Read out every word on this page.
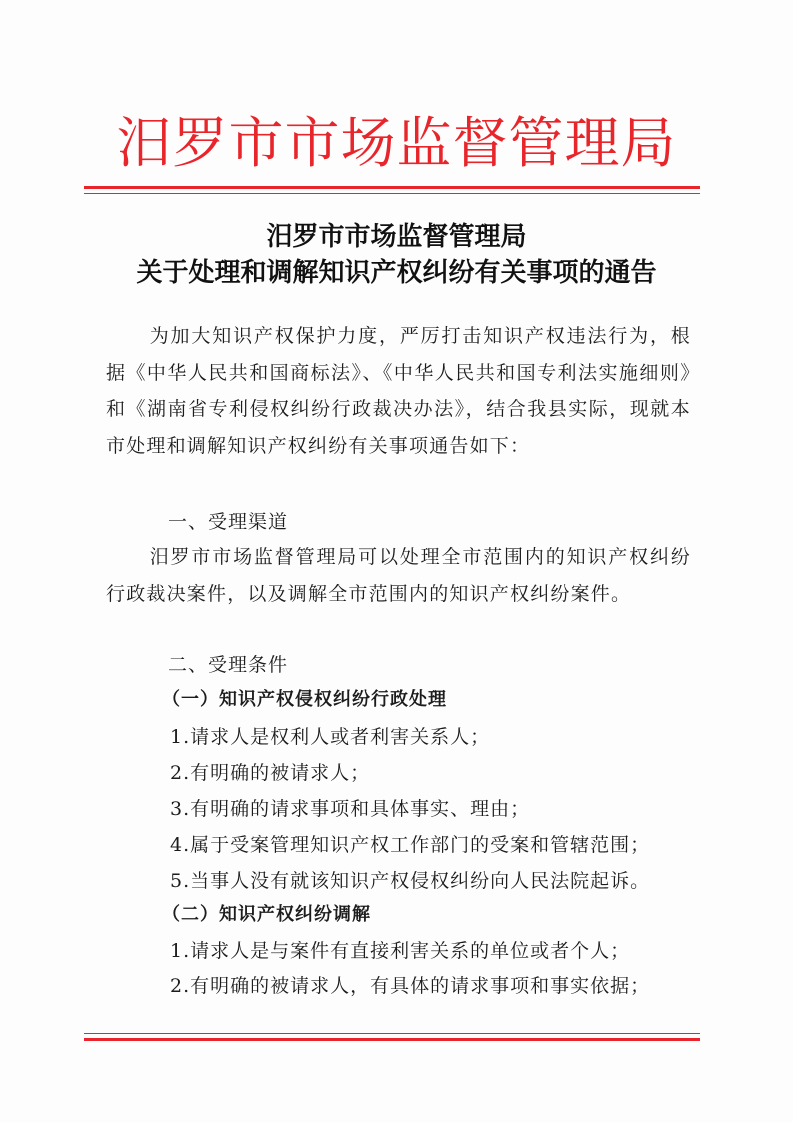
汨罗市市场监督管理局
汨罗市市场监督管理局
关于处理和调解知识产权纠纷有关事项的通告

为加大知识产权保护力度，严厉打击知识产权违法行为，根据《中华人民共和国商标法》、《中华人民共和国专利法实施细则》和《湖南省专利侵权纠纷行政裁决办法》，结合我县实际，现就本市处理和调解知识产权纠纷有关事项通告如下：

一、受理渠道

汨罗市市场监督管理局可以处理全市范围内的知识产权纠纷行政裁决案件，以及调解全市范围内的知识产权纠纷案件。

二、受理条件
（一）知识产权侵权纠纷行政处理
1.请求人是权利人或者利害关系人；
2.有明确的被请求人；
3.有明确的请求事项和具体事实、理由；
4.属于受案管理知识产权工作部门的受案和管辖范围；
5.当事人没有就该知识产权侵权纠纷向人民法院起诉。
（二）知识产权纠纷调解
1.请求人是与案件有直接利害关系的单位或者个人；
2.有明确的被请求人，有具体的请求事项和事实依据；
